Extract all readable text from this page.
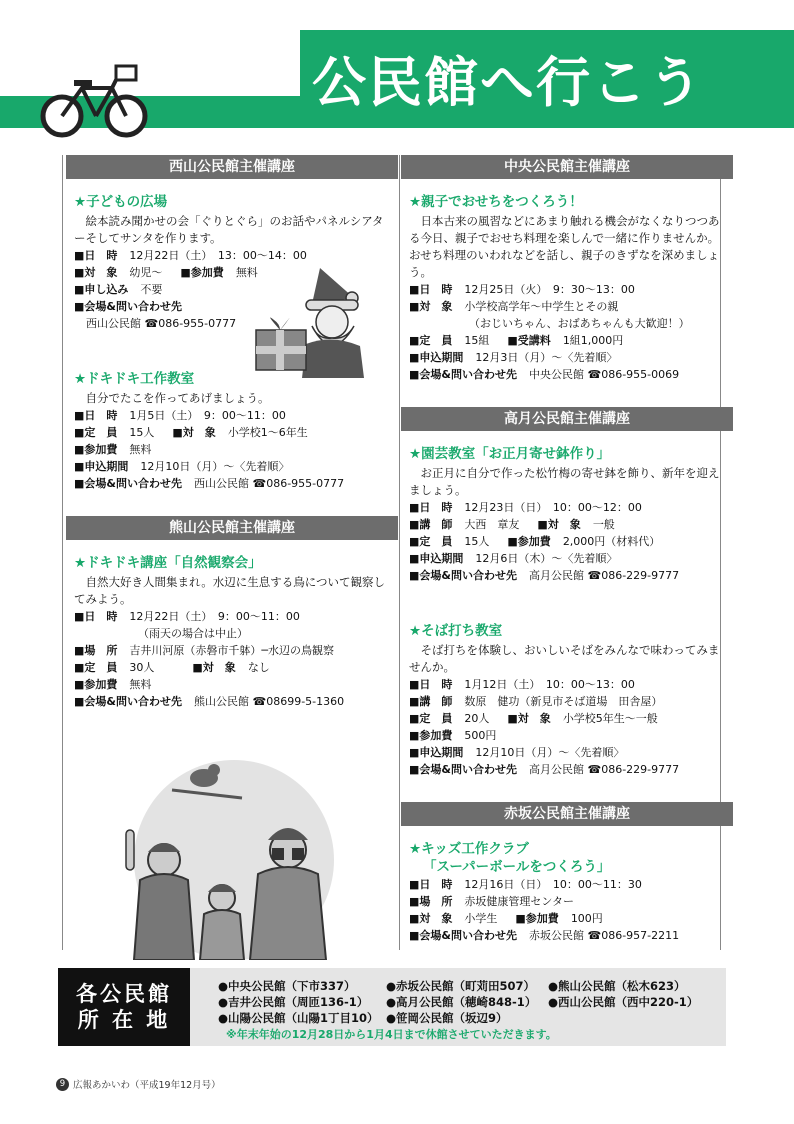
公民館へ行こう
西山公民館主催講座
★子どもの広場
絵本読み聞かせの会「ぐりとぐら」のお話やパネルシアターそしてサンタを作ります。
■日　時 12月22日（土）　13：00～14：00
■対　象 幼児～ ■参加費 無料
■申し込み 不要
■会場&問い合わせ先
西山公民館 ☎086-955-0777
★ドキドキ工作教室
自分でたこを作ってあげましょう。
■日　時 1月5日（土）　9：00～11：00
■定　員 15人 ■対　象 小学校1～6年生
■参加費 無料
■申込期間 12月10日（月）～〈先着順〉
■会場&問い合わせ先 西山公民館 ☎086-955-0777
熊山公民館主催講座
★ドキドキ講座「自然観察会」
自然大好き人間集まれ。水辺に生息する鳥について観察してみよう。
■日　時 12月22日（土）　9：00～11：00
（雨天の場合は中止）
■場　所 吉井川河原（赤磐市千躰）─水辺の鳥観察
■定　員 30人	■対　象 なし
■参加費 無料
■会場&問い合わせ先 熊山公民館 ☎08699-5-1360
中央公民館主催講座
★親子でおせちをつくろう！
日本古来の風習などにあまり触れる機会がなくなりつつある今日、親子でおせち料理を楽しんで一緒に作りませんか。おせち料理のいわれなどを話し、親子のきずなを深めましょう。
■日　時 12月25日（火）　9：30～13：00
■対　象 小学校高学年～中学生とその親
（おじいちゃん、おばあちゃんも大歓迎！）
■定　員 15組 ■受講料 1組1,000円
■申込期間 12月3日（月）～〈先着順〉
■会場&問い合わせ先 中央公民館 ☎086-955-0069
高月公民館主催講座
★園芸教室「お正月寄せ鉢作り」
お正月に自分で作った松竹梅の寄せ鉢を飾り、新年を迎えましょう。
■日　時 12月23日（日）　10：00～12：00
■講　師 大西　章友 ■対　象 一般
■定　員 15人 ■参加費 2,000円（材料代）
■申込期間 12月6日（木）～〈先着順〉
■会場&問い合わせ先 高月公民館 ☎086-229-9777
★そば打ち教室
そば打ちを体験し、おいしいそばをみんなで味わってみませんか。
■日　時 1月12日（土）　10：00～13：00
■講　師 数原　健功（新見市そば道場　田舎屋）
■定　員 20人 ■対　象 小学校5年生～一般
■参加費 500円
■申込期間 12月10日（月）～〈先着順〉
■会場&問い合わせ先 高月公民館 ☎086-229-9777
赤坂公民館主催講座
★キッズ工作クラブ
「スーパーボールをつくろう」
■日　時 12月16日（日）　10：00～11：30
■場　所 赤坂健康管理センター
■対　象 小学生 ■参加費 100円
■会場&問い合わせ先 赤坂公民館 ☎086-957-2211
各公民館
所 在 地
●中央公民館（下市337）	●赤坂公民館（町苅田507） ●熊山公民館（松木623）
●吉井公民館（周匝136-1） ●高月公民館（穂崎848-1） ●西山公民館（西中220-1）
●山陽公民館（山陽1丁目10） ●笹岡公民館（坂辺9）
※年末年始の12月28日から1月4日まで休館させていただきます。
9 広報あかいわ（平成19年12月号）
